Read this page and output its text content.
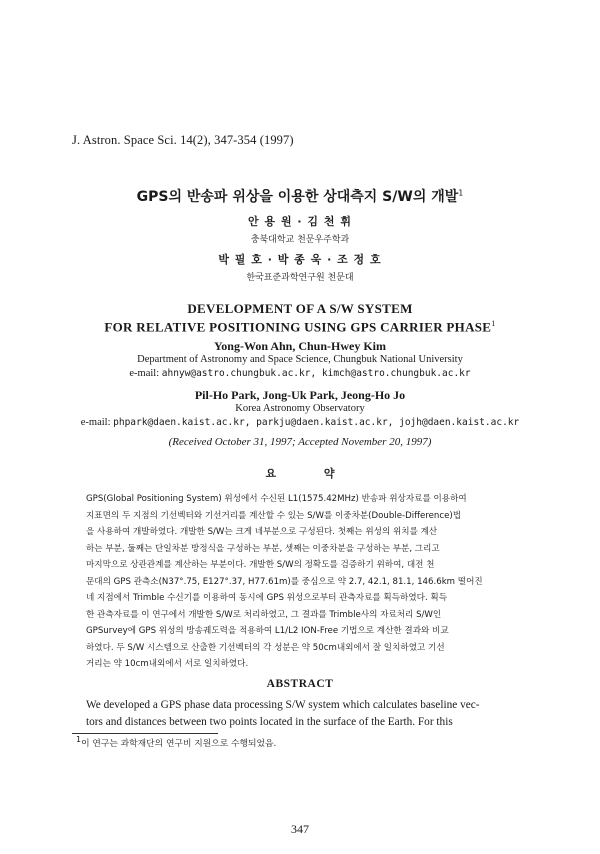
J. Astron. Space Sci. 14(2), 347-354 (1997)
GPS의 반송파 위상을 이용한 상대측지 S/W의 개발$^1$
안 용 원 · 김 천 휘
충북대학교 천문우주학과
박 필 호 · 박 종 욱 · 조 정 호
한국표준과학연구원 천문대
DEVELOPMENT OF A S/W SYSTEM
FOR RELATIVE POSITIONING USING GPS CARRIER PHASE$^1$
Yong-Won Ahn, Chun-Hwey Kim
Department of Astronomy and Space Science, Chungbuk National University
e-mail: ahnyw@astro.chungbuk.ac.kr, kimch@astro.chungbuk.ac.kr
Pil-Ho Park, Jong-Uk Park, Jeong-Ho Jo
Korea Astronomy Observatory
e-mail: phpark@daen.kaist.ac.kr, parkju@daen.kaist.ac.kr, jojh@daen.kaist.ac.kr
(Received October 31, 1997; Accepted November 20, 1997)
요 약
GPS(Global Positioning System) 위성에서 수신된 L1(1575.42MHz) 반송파 위상자료를 이용하여
지표면의 두 지점의 기선벡터와 기선거리를 계산할 수 있는 S/W를 이중차분(Double-Difference)법
을 사용하여 개발하였다. 개발한 S/W는 크게 네부분으로 구성된다. 첫째는 위성의 위치를 계산
하는 부분, 둘째는 단일차분 방정식을 구성하는 부분, 셋째는 이중차분을 구성하는 부분, 그리고
마지막으로 상관관계를 계산하는 부분이다. 개발한 S/W의 정확도를 검증하기 위하여, 대전 천
문대의 GPS 관측소(N37°.75, E127°.37, H77.61m)를 중심으로 약 2.7, 42.1, 81.1, 146.6km 떨어진
네 지점에서 Trimble 수신기를 이용하여 동시에 GPS 위성으로부터 관측자료를 획득하였다. 획득
한 관측자료를 이 연구에서 개발한 S/W로 처리하였고, 그 결과를 Trimble사의 자료처리 S/W인
GPSurvey에 GPS 위성의 방송궤도력을 적용하여 L1/L2 ION-Free 기법으로 계산한 결과와 비교
하였다. 두 S/W 시스템으로 산출한 기선벡터의 각 성분은 약 50cm내외에서 잘 일치하였고 기선
거리는 약 10cm내외에서 서로 일치하였다.
ABSTRACT
We developed a GPS phase data processing S/W system which calculates baseline vec-
tors and distances between two points located in the surface of the Earth. For this
1이 연구는 과학재단의 연구비 지원으로 수행되었음.
347
